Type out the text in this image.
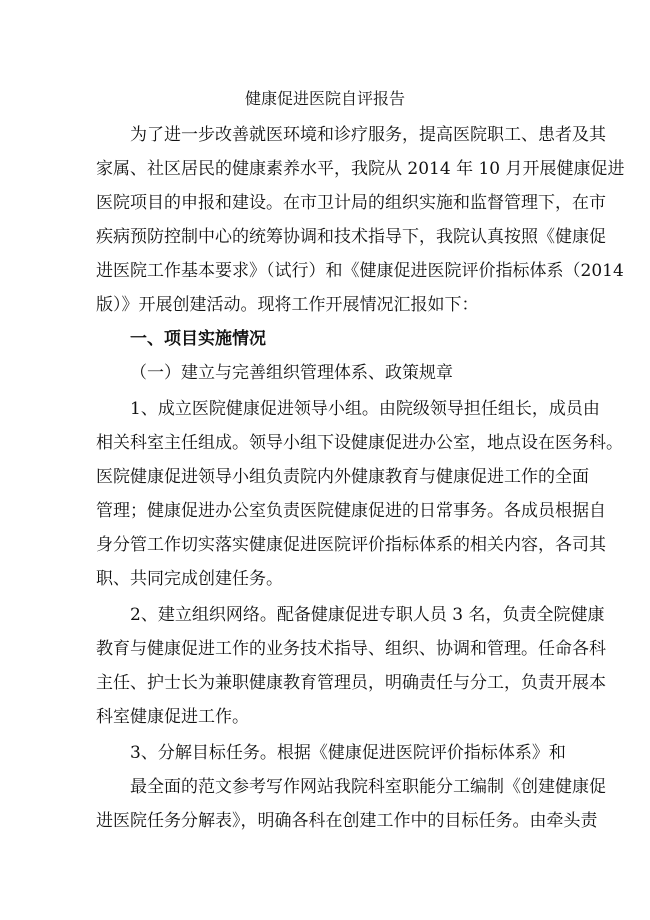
健康促进医院自评报告
为了进一步改善就医环境和诊疗服务，提高医院职工、患者及其
家属、社区居民的健康素养水平，我院从 2014 年 10 月开展健康促进
医院项目的申报和建设。在市卫计局的组织实施和监督管理下，在市
疾病预防控制中心的统筹协调和技术指导下，我院认真按照《健康促
进医院工作基本要求》（试行）和《健康促进医院评价指标体系（2014
版）》开展创建活动。现将工作开展情况汇报如下：
一、项目实施情况
（一）建立与完善组织管理体系、政策规章
1、成立医院健康促进领导小组。由院级领导担任组长，成员由
相关科室主任组成。领导小组下设健康促进办公室，地点设在医务科。
医院健康促进领导小组负责院内外健康教育与健康促进工作的全面
管理；健康促进办公室负责医院健康促进的日常事务。各成员根据自
身分管工作切实落实健康促进医院评价指标体系的相关内容，各司其
职、共同完成创建任务。
2、建立组织网络。配备健康促进专职人员 3 名，负责全院健康
教育与健康促进工作的业务技术指导、组织、协调和管理。任命各科
主任、护士长为兼职健康教育管理员，明确责任与分工，负责开展本
科室健康促进工作。
3、分解目标任务。根据《健康促进医院评价指标体系》和
最全面的范文参考写作网站我院科室职能分工编制《创建健康促
进医院任务分解表》，明确各科在创建工作中的目标任务。由牵头责
